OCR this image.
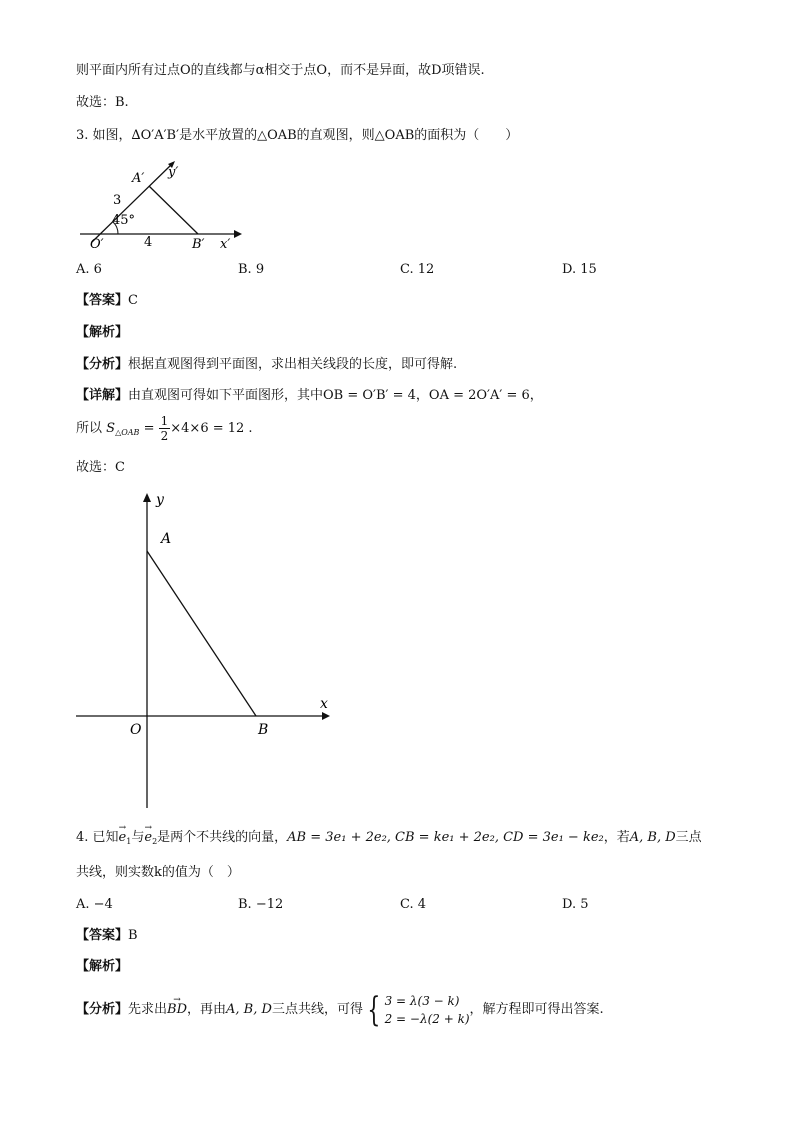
则平面内所有过点O的直线都与α相交于点O，而不是异面，故D项错误.
故选：B.
3. 如图，∆O′A′B′是水平放置的△OAB的直观图，则△OAB的面积为（　　）
y′
A′
3
45°
O′	4	B′ x′
A. 6	B. 9	C. 12	D. 15
【答案】C
【解析】
【分析】根据直观图得到平面图，求出相关线段的长度，即可得解.
【详解】由直观图可得如下平面图形，其中OB = O′B′ = 4，OA = 2O′A′ = 6，
所以 $S_{\triangle OAB} = \frac{1}{2} \times 4\times 6 = 12$ .
故选：C
y
A
x
O	B
4. 已知→ $e_1$与→ $e_2$是两个不共线的向量，AB = 3e₁ + 2e₂, CB = ke₁ + 2e₂, CD = 3e₁ − ke₂，若A, B, D三点
共线，则实数k的值为（　）
A. −4	B. −12	C. 4	D. 5
【答案】B
【解析】
【分析】先求出→ BD，再由A, B, D三点共线，可得 { 3 = λ(3 − k)
2 = −λ(2 + k)
，解方程即可得出答案.
